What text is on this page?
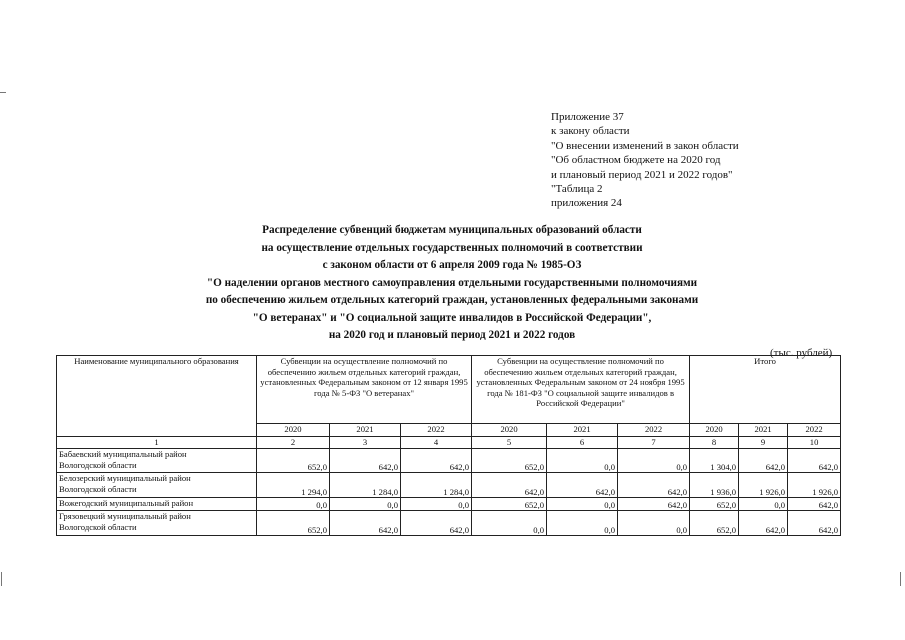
Приложение 37
к закону области
"О внесении изменений в закон области
"Об областном бюджете на 2020 год
и плановый период 2021 и 2022 годов"
"Таблица 2
приложения 24
Распределение субвенций бюджетам муниципальных образований области
на осуществление отдельных государственных полномочий в соответствии
с законом области от 6 апреля 2009 года № 1985-ОЗ
"О наделении органов местного самоуправления отдельными государственными полномочиями
по обеспечению жильем отдельных категорий граждан, установленных федеральными законами
"О ветеранах" и "О социальной защите инвалидов в Российской Федерации",
на 2020 год и плановый период 2021 и 2022 годов
(тыс. рублей)
Наименование муниципального образования	Субвенции на осуществление полномочий по обеспечению жильем отдельных категорий граждан, установленных Федеральным законом от 12 января 1995 года № 5-ФЗ "О ветеранах"			Субвенции на осуществление полномочий по обеспечению жильем отдельных категорий граждан, установленных Федеральным законом от 24 ноября 1995 года № 181-ФЗ "О социальной защите инвалидов в Российской Федерации"			Итого		
	2020	2021	2022	2020	2021	2022	2020	2021	2022
1	2	3	4	5	6	7	8	9	10

Бабаевский муниципальный район
Вологодской области	652,0	642,0	642,0	652,0	0,0	0,0	1 304,0	642,0	642,0

Белозерский муниципальный район
Вологодской области	1 294,0	1 284,0	1 284,0	642,0	642,0	642,0	1 936,0	1 926,0	1 926,0

Вожегодский муниципальный район	0,0	0,0	0,0	652,0	0,0	642,0	652,0	0,0	642,0

Грязовецкий муниципальный район
Вологодской области	652,0	642,0	642,0	0,0	0,0	0,0	652,0	642,0	642,0
